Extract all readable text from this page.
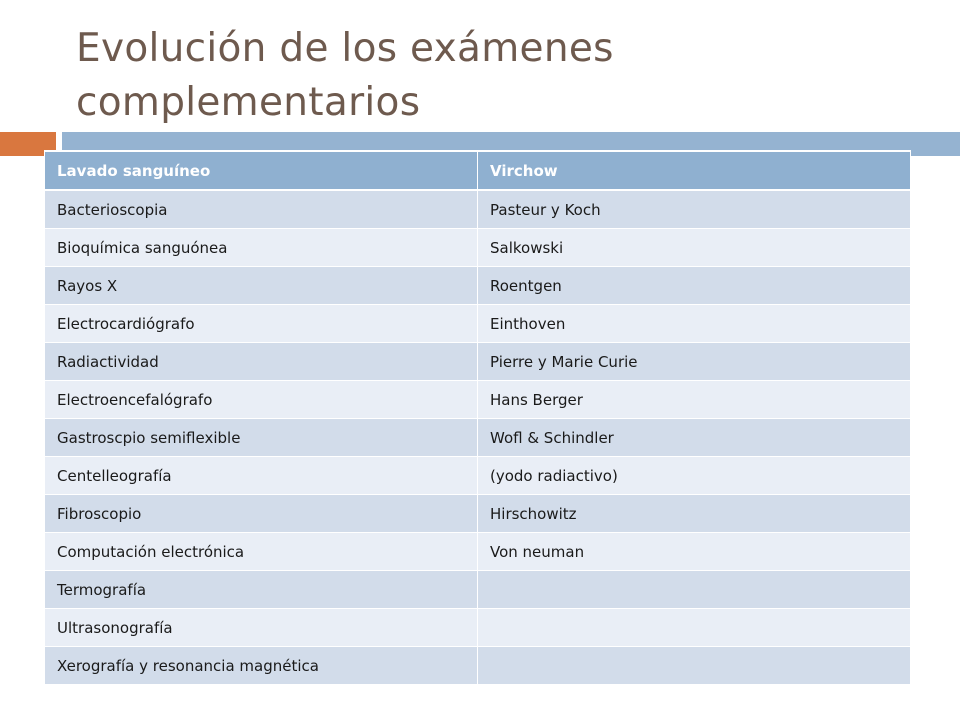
Evolución de los exámenes
complementarios
Lavado sanguíneo	Virchow
Bacterioscopia	Pasteur y Koch
Bioquímica sanguónea	Salkowski
Rayos X	Roentgen
Electrocardiógrafo	Einthoven
Radiactividad	Pierre y Marie Curie
Electroencefalógrafo	Hans Berger
Gastroscpio semiflexible	Wofl & Schindler
Centelleografía	(yodo radiactivo)
Fibroscopio	Hirschowitz
Computación electrónica	Von neuman
Termografía	
Ultrasonografía	
Xerografía y resonancia magnética	
